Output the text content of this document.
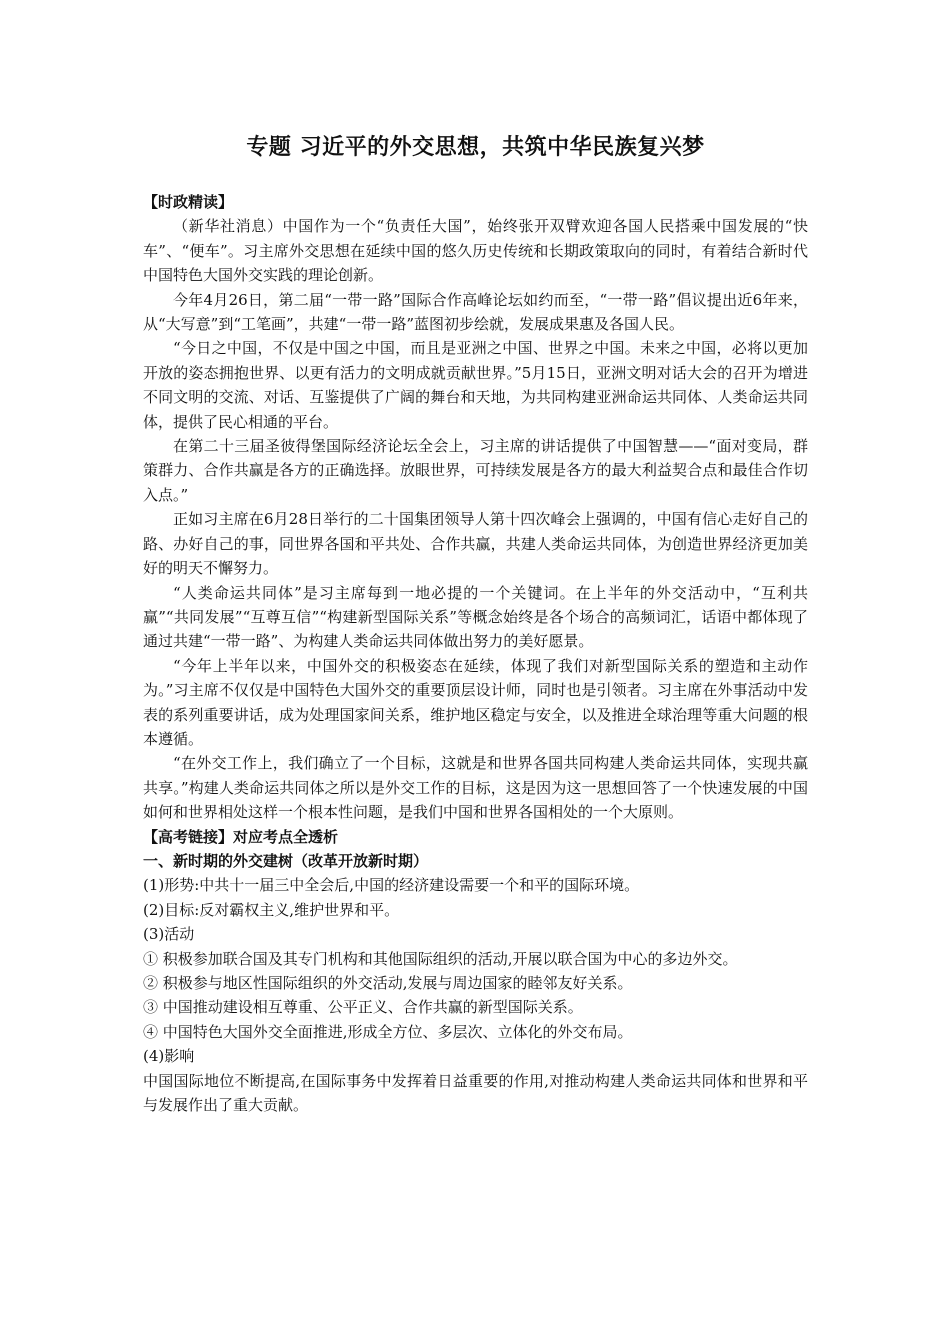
专题 习近平的外交思想，共筑中华民族复兴梦
【时政精读】

（新华社消息）中国作为一个“负责任大国”，始终张开双臂欢迎各国人民搭乘中国发展的“快车”、“便车”。习主席外交思想在延续中国的悠久历史传统和长期政策取向的同时，有着结合新时代中国特色大国外交实践的理论创新。

今年4月26日，第二届“一带一路”国际合作高峰论坛如约而至，“一带一路”倡议提出近6年来，从“大写意”到“工笔画”，共建“一带一路”蓝图初步绘就，发展成果惠及各国人民。

“今日之中国，不仅是中国之中国，而且是亚洲之中国、世界之中国。未来之中国，必将以更加开放的姿态拥抱世界、以更有活力的文明成就贡献世界。”5月15日，亚洲文明对话大会的召开为增进不同文明的交流、对话、互鉴提供了广阔的舞台和天地，为共同构建亚洲命运共同体、人类命运共同体，提供了民心相通的平台。

在第二十三届圣彼得堡国际经济论坛全会上，习主席的讲话提供了中国智慧——“面对变局，群策群力、合作共赢是各方的正确选择。放眼世界，可持续发展是各方的最大利益契合点和最佳合作切入点。”

正如习主席在6月28日举行的二十国集团领导人第十四次峰会上强调的，中国有信心走好自己的路、办好自己的事，同世界各国和平共处、合作共赢，共建人类命运共同体，为创造世界经济更加美好的明天不懈努力。

“人类命运共同体”是习主席每到一地必提的一个关键词。在上半年的外交活动中，“互利共赢”“共同发展”“互尊互信”“构建新型国际关系”等概念始终是各个场合的高频词汇，话语中都体现了通过共建“一带一路”、为构建人类命运共同体做出努力的美好愿景。

“今年上半年以来，中国外交的积极姿态在延续，体现了我们对新型国际关系的塑造和主动作为。”习主席不仅仅是中国特色大国外交的重要顶层设计师，同时也是引领者。习主席在外事活动中发表的系列重要讲话，成为处理国家间关系，维护地区稳定与安全，以及推进全球治理等重大问题的根本遵循。

“在外交工作上，我们确立了一个目标，这就是和世界各国共同构建人类命运共同体，实现共赢共享。”构建人类命运共同体之所以是外交工作的目标，这是因为这一思想回答了一个快速发展的中国如何和世界相处这样一个根本性问题，是我们中国和世界各国相处的一个大原则。

【高考链接】对应考点全透析
一、新时期的外交建树（改革开放新时期）

(1)形势:中共十一届三中全会后,中国的经济建设需要一个和平的国际环境。

(2)目标:反对霸权主义,维护世界和平。

(3)活动

① 积极参加联合国及其专门机构和其他国际组织的活动,开展以联合国为中心的多边外交。
② 积极参与地区性国际组织的外交活动,发展与周边国家的睦邻友好关系。
③ 中国推动建设相互尊重、公平正义、合作共赢的新型国际关系。
④ 中国特色大国外交全面推进,形成全方位、多层次、立体化的外交布局。

(4)影响

中国国际地位不断提高,在国际事务中发挥着日益重要的作用,对推动构建人类命运共同体和世界和平与发展作出了重大贡献。
